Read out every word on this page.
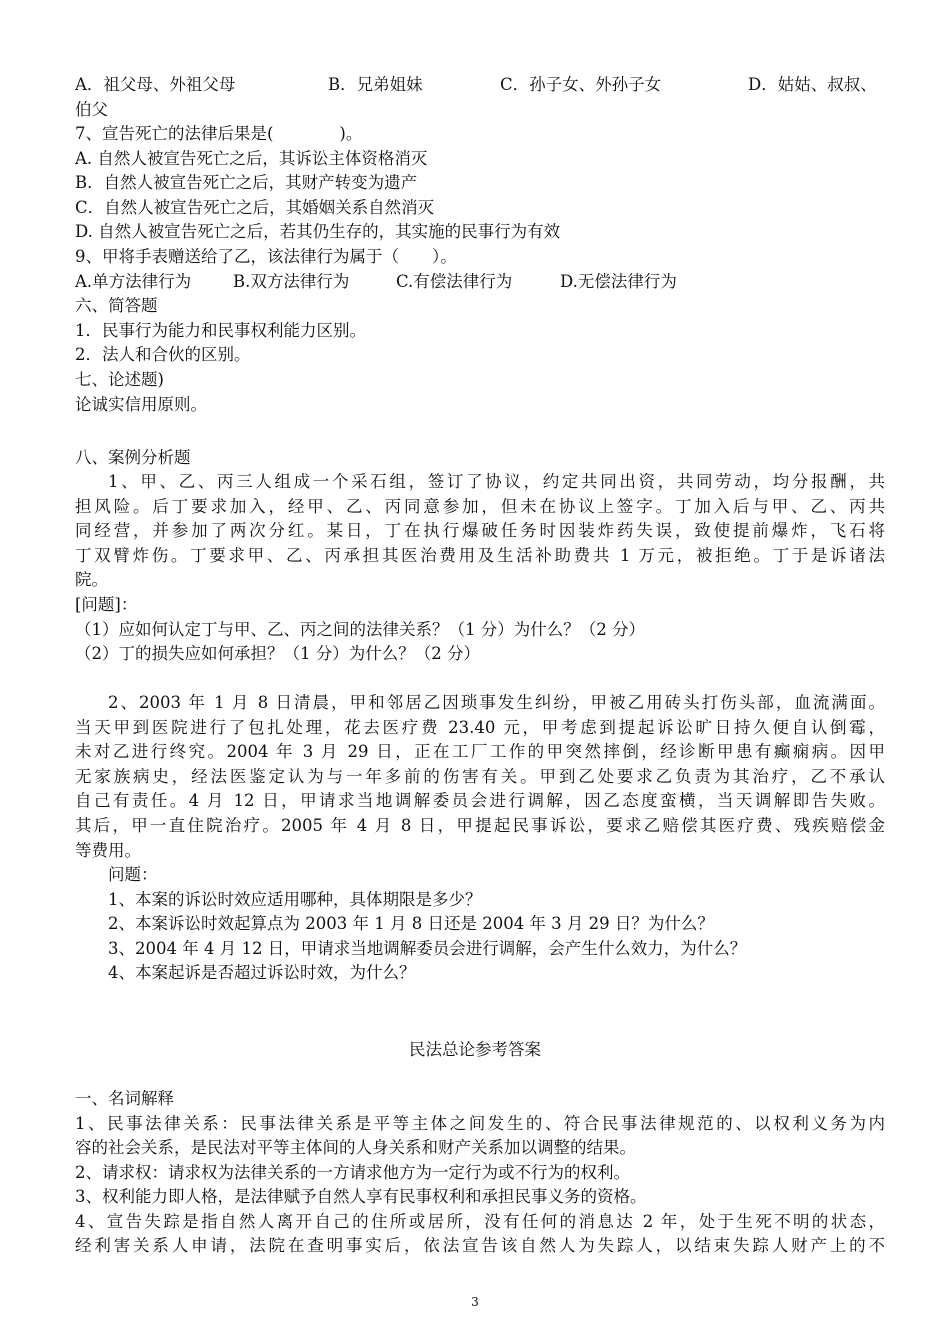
A．祖父母、外祖父母	B．兄弟姐妹	C．孙子女、外孙子女	D．姑姑、叔叔、
伯父
7、宣告死亡的法律后果是(　　　　)。
A. 自然人被宣告死亡之后，其诉讼主体资格消灭
B．自然人被宣告死亡之后，其财产转变为遗产
C．自然人被宣告死亡之后，其婚姻关系自然消灭
D. 自然人被宣告死亡之后，若其仍生存的，其实施的民事行为有效
9、甲将手表赠送给了乙，该法律行为属于（　　）。
A.单方法律行为	B.双方法律行为	C.有偿法律行为	D.无偿法律行为
六、简答题
1．民事行为能力和民事权利能力区别。
2．法人和合伙的区别。
七、论述题)
论诚实信用原则。
八、案例分析题
1、甲、乙、丙三人组成一个采石组，签订了协议，约定共同出资，共同劳动，均分报酬，共
担风险。后丁要求加入，经甲、乙、丙同意参加，但未在协议上签字。丁加入后与甲、乙、丙共
同经营，并参加了两次分红。某日，丁在执行爆破任务时因装炸药失误，致使提前爆炸，飞石将
丁双臂炸伤。丁要求甲、乙、丙承担其医治费用及生活补助费共 1 万元，被拒绝。丁于是诉诸法
院。
[问题]：
（1）应如何认定丁与甲、乙、丙之间的法律关系？（1 分）为什么？（2 分）
（2）丁的损失应如何承担？（1 分）为什么？（2 分）
2、2003 年 1 月 8 日清晨，甲和邻居乙因琐事发生纠纷，甲被乙用砖头打伤头部，血流满面。
当天甲到医院进行了包扎处理，花去医疗费 23.40 元，甲考虑到提起诉讼旷日持久便自认倒霉，
未对乙进行终究。2004 年 3 月 29 日，正在工厂工作的甲突然摔倒，经诊断甲患有癫痫病。因甲
无家族病史，经法医鉴定认为与一年多前的伤害有关。甲到乙处要求乙负责为其治疗，乙不承认
自己有责任。4 月 12 日，甲请求当地调解委员会进行调解，因乙态度蛮横，当天调解即告失败。
其后，甲一直住院治疗。2005 年 4 月 8 日，甲提起民事诉讼，要求乙赔偿其医疗费、残疾赔偿金
等费用。
问题：
1、本案的诉讼时效应适用哪种，具体期限是多少？
2、本案诉讼时效起算点为 2003 年 1 月 8 日还是 2004 年 3 月 29 日？为什么？
3、2004 年 4 月 12 日，甲请求当地调解委员会进行调解，会产生什么效力，为什么？
4、本案起诉是否超过诉讼时效，为什么？
民法总论参考答案
一、名词解释
1、民事法律关系：民事法律关系是平等主体之间发生的、符合民事法律规范的、以权利义务为内
容的社会关系，是民法对平等主体间的人身关系和财产关系加以调整的结果。
2、请求权：请求权为法律关系的一方请求他方为一定行为或不行为的权利。
3、权利能力即人格，是法律赋予自然人享有民事权利和承担民事义务的资格。
4、宣告失踪是指自然人离开自己的住所或居所，没有任何的消息达 2 年，处于生死不明的状态，
经利害关系人申请，法院在查明事实后，依法宣告该自然人为失踪人，以结束失踪人财产上的不
3
